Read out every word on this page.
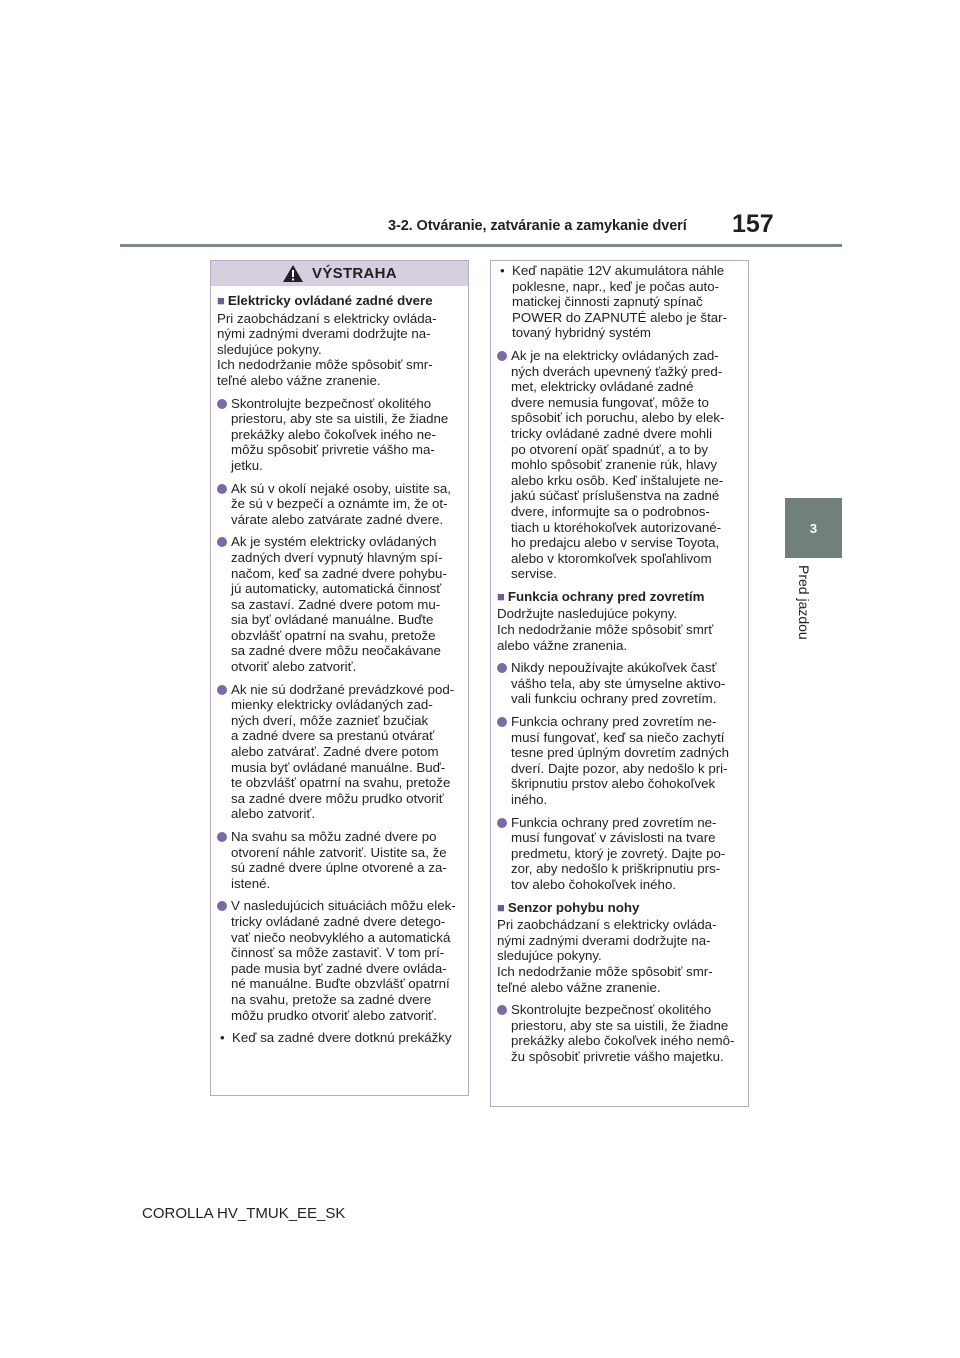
3-2. Otváranie, zatváranie a zamykanie dverí 157
3
Pred jazdou
VÝSTRAHA
■ Elektricky ovládané zadné dvere
Pri zaobchádzaní s elektricky ovláda-
nými zadnými dverami dodržujte na-
sledujúce pokyny.
Ich nedodržanie môže spôsobiť smr-
teľné alebo vážne zranenie.
Skontrolujte bezpečnosť okolitého
priestoru, aby ste sa uistili, že žiadne
prekážky alebo čokoľvek iného ne-
môžu spôsobiť privretie vášho ma-
jetku.
Ak sú v okolí nejaké osoby, uistite sa,
že sú v bezpečí a oznámte im, že ot-
várate alebo zatvárate zadné dvere.
Ak je systém elektricky ovládaných
zadných dverí vypnutý hlavným spí-
načom, keď sa zadné dvere pohybu-
jú automaticky, automatická činnosť
sa zastaví. Zadné dvere potom mu-
sia byť ovládané manuálne. Buďte
obzvlášť opatrní na svahu, pretože
sa zadné dvere môžu neočakávane
otvoriť alebo zatvoriť.
Ak nie sú dodržané prevádzkové pod-
mienky elektricky ovládaných zad-
ných dverí, môže zaznieť bzučiak
a zadné dvere sa prestanú otvárať
alebo zatvárať. Zadné dvere potom
musia byť ovládané manuálne. Buď-
te obzvlášť opatrní na svahu, pretože
sa zadné dvere môžu prudko otvoriť
alebo zatvoriť.
Na svahu sa môžu zadné dvere po
otvorení náhle zatvoriť. Uistite sa, že
sú zadné dvere úplne otvorené a za-
istené.
V nasledujúcich situáciách môžu elek-
tricky ovládané zadné dvere detego-
vať niečo neobvyklého a automatická
činnosť sa môže zastaviť. V tom prí-
pade musia byť zadné dvere ovláda-
né manuálne. Buďte obzvlášť opatrní
na svahu, pretože sa zadné dvere
môžu prudko otvoriť alebo zatvoriť.
• Keď sa zadné dvere dotknú prekážky
• Keď napätie 12V akumulátora náhle
poklesne, napr., keď je počas auto-
matickej činnosti zapnutý spínač
POWER do ZAPNUTÉ alebo je štar-
tovaný hybridný systém
Ak je na elektricky ovládaných zad-
ných dverách upevnený ťažký pred-
met, elektricky ovládané zadné
dvere nemusia fungovať, môže to
spôsobiť ich poruchu, alebo by elek-
tricky ovládané zadné dvere mohli
po otvorení opäť spadnúť, a to by
mohlo spôsobiť zranenie rúk, hlavy
alebo krku osôb. Keď inštalujete ne-
jakú súčasť príslušenstva na zadné
dvere, informujte sa o podrobnos-
tiach u ktoréhokoľvek autorizované-
ho predajcu alebo v servise Toyota,
alebo v ktoromkoľvek spoľahlivom
servise.
■ Funkcia ochrany pred zovretím
Dodržujte nasledujúce pokyny.
Ich nedodržanie môže spôsobiť smrť
alebo vážne zranenia.
Nikdy nepoužívajte akúkoľvek časť
vášho tela, aby ste úmyselne aktivo-
vali funkciu ochrany pred zovretím.
Funkcia ochrany pred zovretím ne-
musí fungovať, keď sa niečo zachytí
tesne pred úplným dovretím zadných
dverí. Dajte pozor, aby nedošlo k pri-
škripnutiu prstov alebo čohokoľvek
iného.
Funkcia ochrany pred zovretím ne-
musí fungovať v závislosti na tvare
predmetu, ktorý je zovretý. Dajte po-
zor, aby nedošlo k priškripnutiu prs-
tov alebo čohokoľvek iného.
■ Senzor pohybu nohy
Pri zaobchádzaní s elektricky ovláda-
nými zadnými dverami dodržujte na-
sledujúce pokyny.
Ich nedodržanie môže spôsobiť smr-
teľné alebo vážne zranenie.
Skontrolujte bezpečnosť okolitého
priestoru, aby ste sa uistili, že žiadne
prekážky alebo čokoľvek iného nemô-
žu spôsobiť privretie vášho majetku.
COROLLA HV_TMUK_EE_SK
